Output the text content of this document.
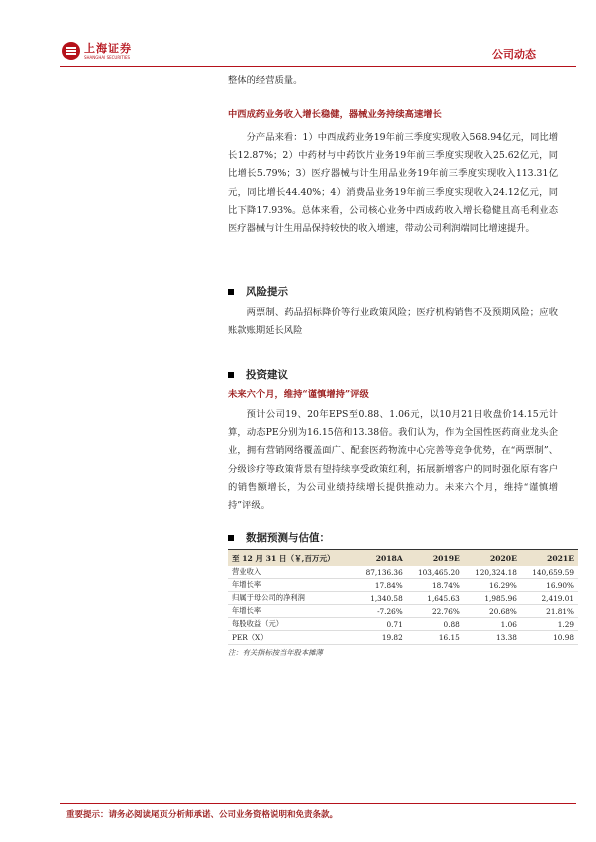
上海证券
SHANGHAI SECURITIES	公司动态

整体的经营质量。

中西成药业务收入增长稳健，器械业务持续高速增长

分产品来看：1）中西成药业务19年前三季度实现收入568.94亿元，同比增长12.87%；2）中药材与中药饮片业务19年前三季度实现收入25.62亿元，同比增长5.79%；3）医疗器械与计生用品业务19年前三季度实现收入113.31亿元，同比增长44.40%；4）消费品业务19年前三季度实现收入24.12亿元，同比下降17.93%。总体来看，公司核心业务中西成药收入增长稳健且高毛利业态医疗器械与计生用品保持较快的收入增速，带动公司利润端同比增速提升。

风险提示

两票制、药品招标降价等行业政策风险；医疗机构销售不及预期风险；应收账款账期延长风险

投资建议

未来六个月，维持“谨慎增持”评级

预计公司19、20年EPS至0.88、1.06元，以10月21日收盘价14.15元计算，动态PE分别为16.15倍和13.38倍。我们认为，作为全国性医药商业龙头企业，拥有营销网络覆盖面广、配套医药物流中心完善等竞争优势，在“两票制”、分级诊疗等政策背景有望持续享受政策红利，拓展新增客户的同时强化原有客户的销售额增长，为公司业绩持续增长提供推动力。未来六个月，维持“谨慎增持”评级。

数据预测与估值：
至 12 月 31 日（￥,百万元）	2018A	2019E	2020E	2021E
营业收入	87,136.36	103,465.20	120,324.18	140,659.59
年增长率	17.84%	18.74%	16.29%	16.90%
归属于母公司的净利润	1,340.58	1,645.63	1,985.96	2,419.01
年增长率	-7.26%	22.76%	20.68%	21.81%
每股收益（元）	0.71	0.88	1.06	1.29
PER（X）	19.82	16.15	13.38	10.98
注：有关指标按当年股本摊薄
重要提示：请务必阅读尾页分析师承诺、公司业务资格说明和免责条款。
